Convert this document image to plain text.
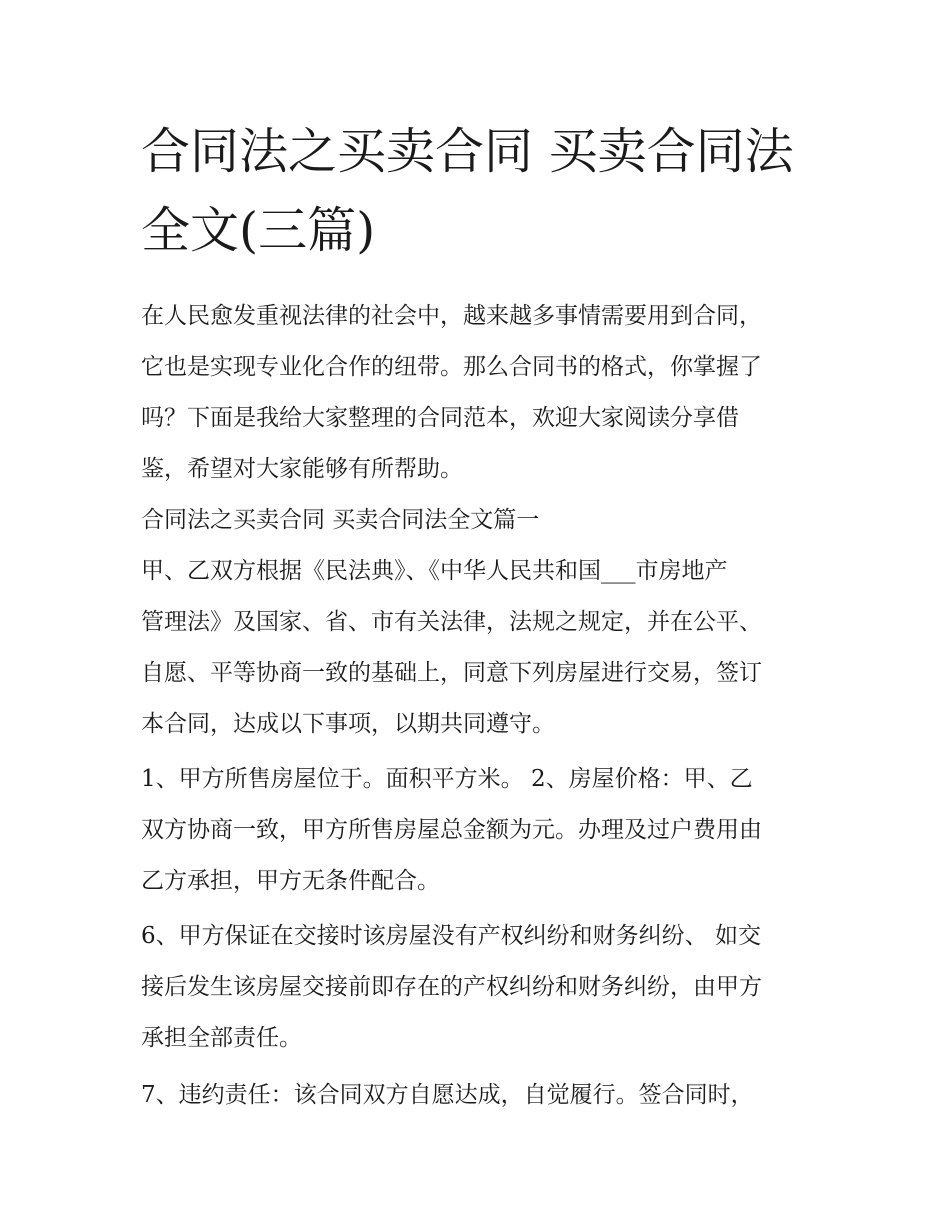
合同法之买卖合同 买卖合同法
全文(三篇)

在人民愈发重视法律的社会中，越来越多事情需要用到合同，
它也是实现专业化合作的纽带。那么合同书的格式，你掌握了
吗？下面是我给大家整理的合同范本，欢迎大家阅读分享借
鉴，希望对大家能够有所帮助。

合同法之买卖合同 买卖合同法全文篇一

甲、乙双方根据《民法典》、《中华人民共和国___市房地产
管理法》及国家、省、市有关法律，法规之规定，并在公平、
自愿、平等协商一致的基础上，同意下列房屋进行交易，签订
本合同，达成以下事项，以期共同遵守。

1、甲方所售房屋位于。面积平方米。 2、房屋价格：甲、乙
双方协商一致，甲方所售房屋总金额为元。办理及过户费用由
乙方承担，甲方无条件配合。

6、甲方保证在交接时该房屋没有产权纠纷和财务纠纷、 如交
接后发生该房屋交接前即存在的产权纠纷和财务纠纷，由甲方
承担全部责任。

7、违约责任：该合同双方自愿达成，自觉履行。签合同时，
